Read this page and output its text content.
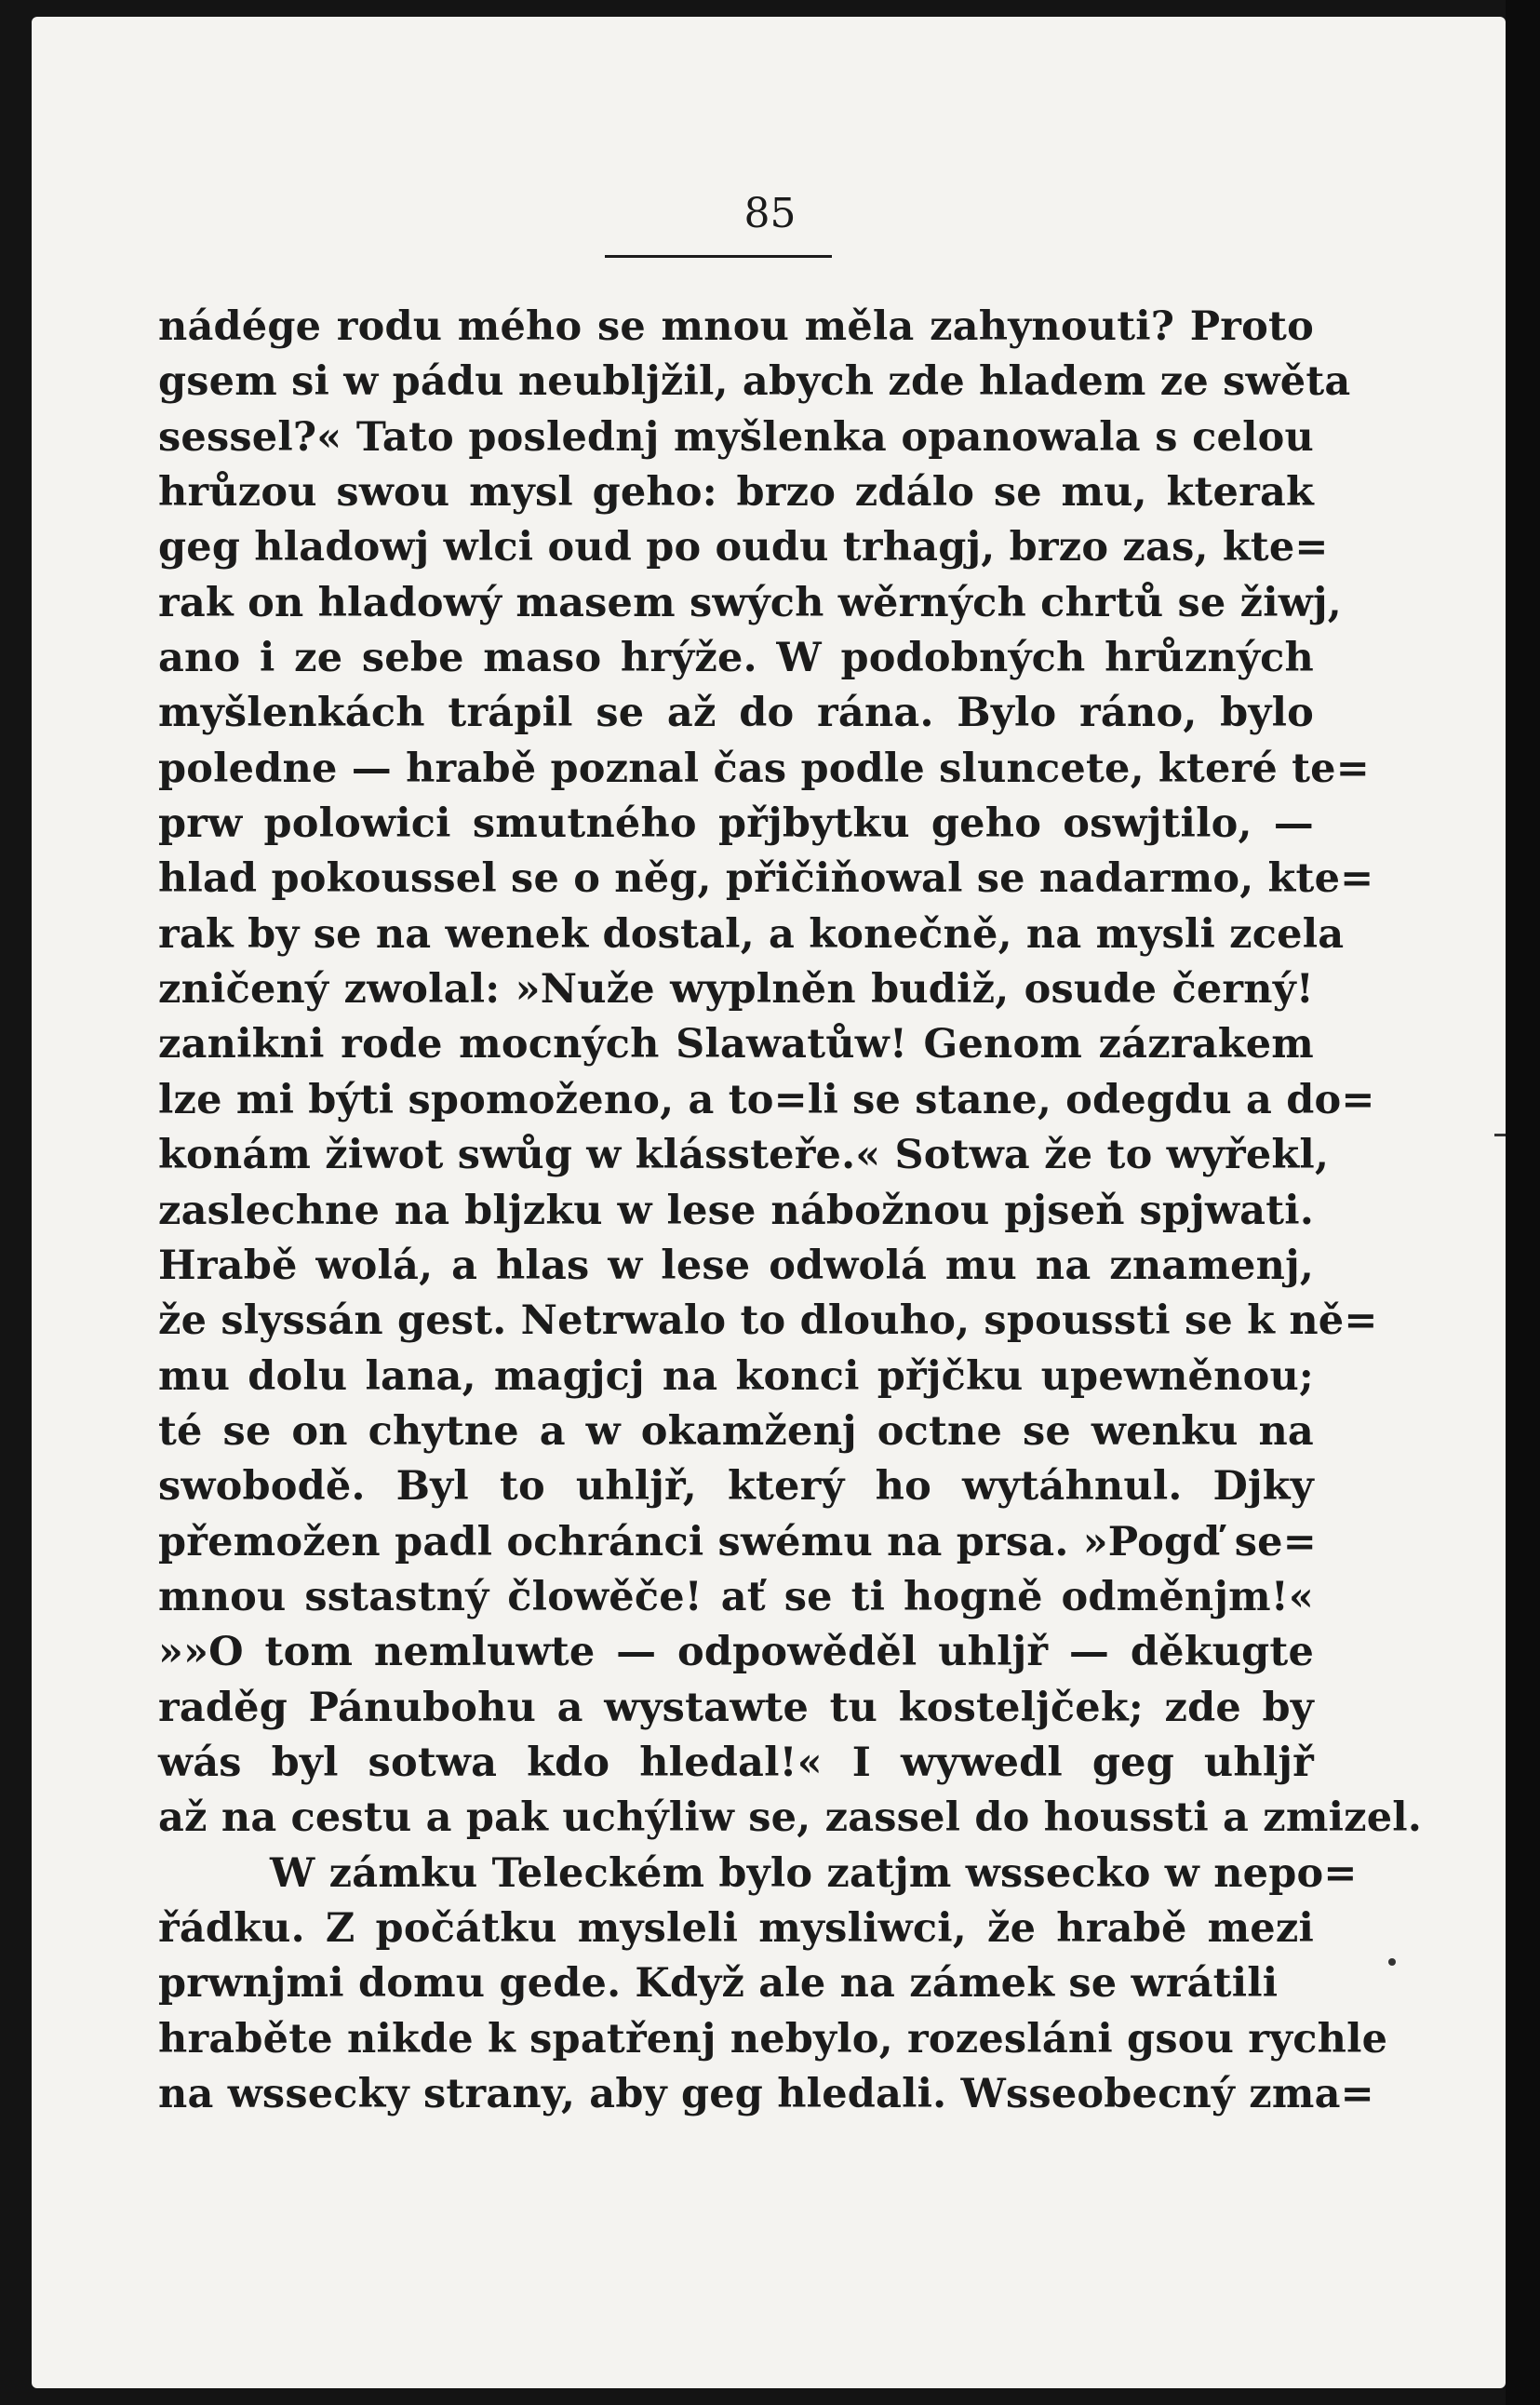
85
nádége rodu mého se mnou měla zahynouti? Proto
gsem si w pádu neublјžil, abych zde hladem ze swěta
sessel?« Tato poslednj myšlenka opanowala s celou
hrůzou swou mysl geho: brzo zdálo se mu, kterak
geg hladowj wlci oud po oudu trhagj, brzo zas, kte=
rak on hladowý masem swých wěrných chrtů se žiwj,
ano i ze sebe maso hrýže. W podobných hrůzných
myšlenkách trápil se až do rána. Bylo ráno, bylo
poledne — hrabě poznal čas podle sluncete, které te=
prw polowici smutného přjbytku geho oswjtilo, —
hlad pokoussel se o něg, přičiňowal se nadarmo, kte=
rak by se na wenek dostal, a konečně, na mysli zcela
zničený zwolal: »Nuže wyplněn budiž, osude černý!
zanikni rode mocných Slawatůw! Genom zázrakem
lze mi býti spomoženo, a to=li se stane, odegdu a do=
konám žiwot swůg w klássteře.« Sotwa že to wyřekl,
zaslechne na blјzku w lese nábožnou pjseň spjwati.
Hrabě wolá, a hlas w lese odwolá mu na znamenj,
že slyssán gest. Netrwalo to dlouho, spoussti se k ně=
mu dolu lana, magjcj na konci přјčku upewněnou;
té se on chytne a w okamženj octne se wenku na
swobodě. Byl to uhljř, který ho wytáhnul. Djky
přemožen padl ochránci swému na prsa. »Pogď se=
mnou sstastný člowěče! ať se ti hogně odměnjm!«
»»O tom nemluwte — odpowěděl uhljř — děkugte
raděg Pánubohu a wystawte tu kostelјček; zde by
wás byl sotwa kdo hledal!« I wywedl geg uhljř
až na cestu a pak uchýliw se, zassel do houssti a zmizel.
W zámku Teleckém bylo zatjm wssecko w nepo=
řádku. Z počátku mysleli myslіwci, že hrabě mezi
prwnjmi domu gede. Když ale na zámek se wrátili
hraběte nikde k spatřenj nebylo, rozesláni gsou rychle
na wssecky strany, aby geg hledali. Wsseobecný zma=
